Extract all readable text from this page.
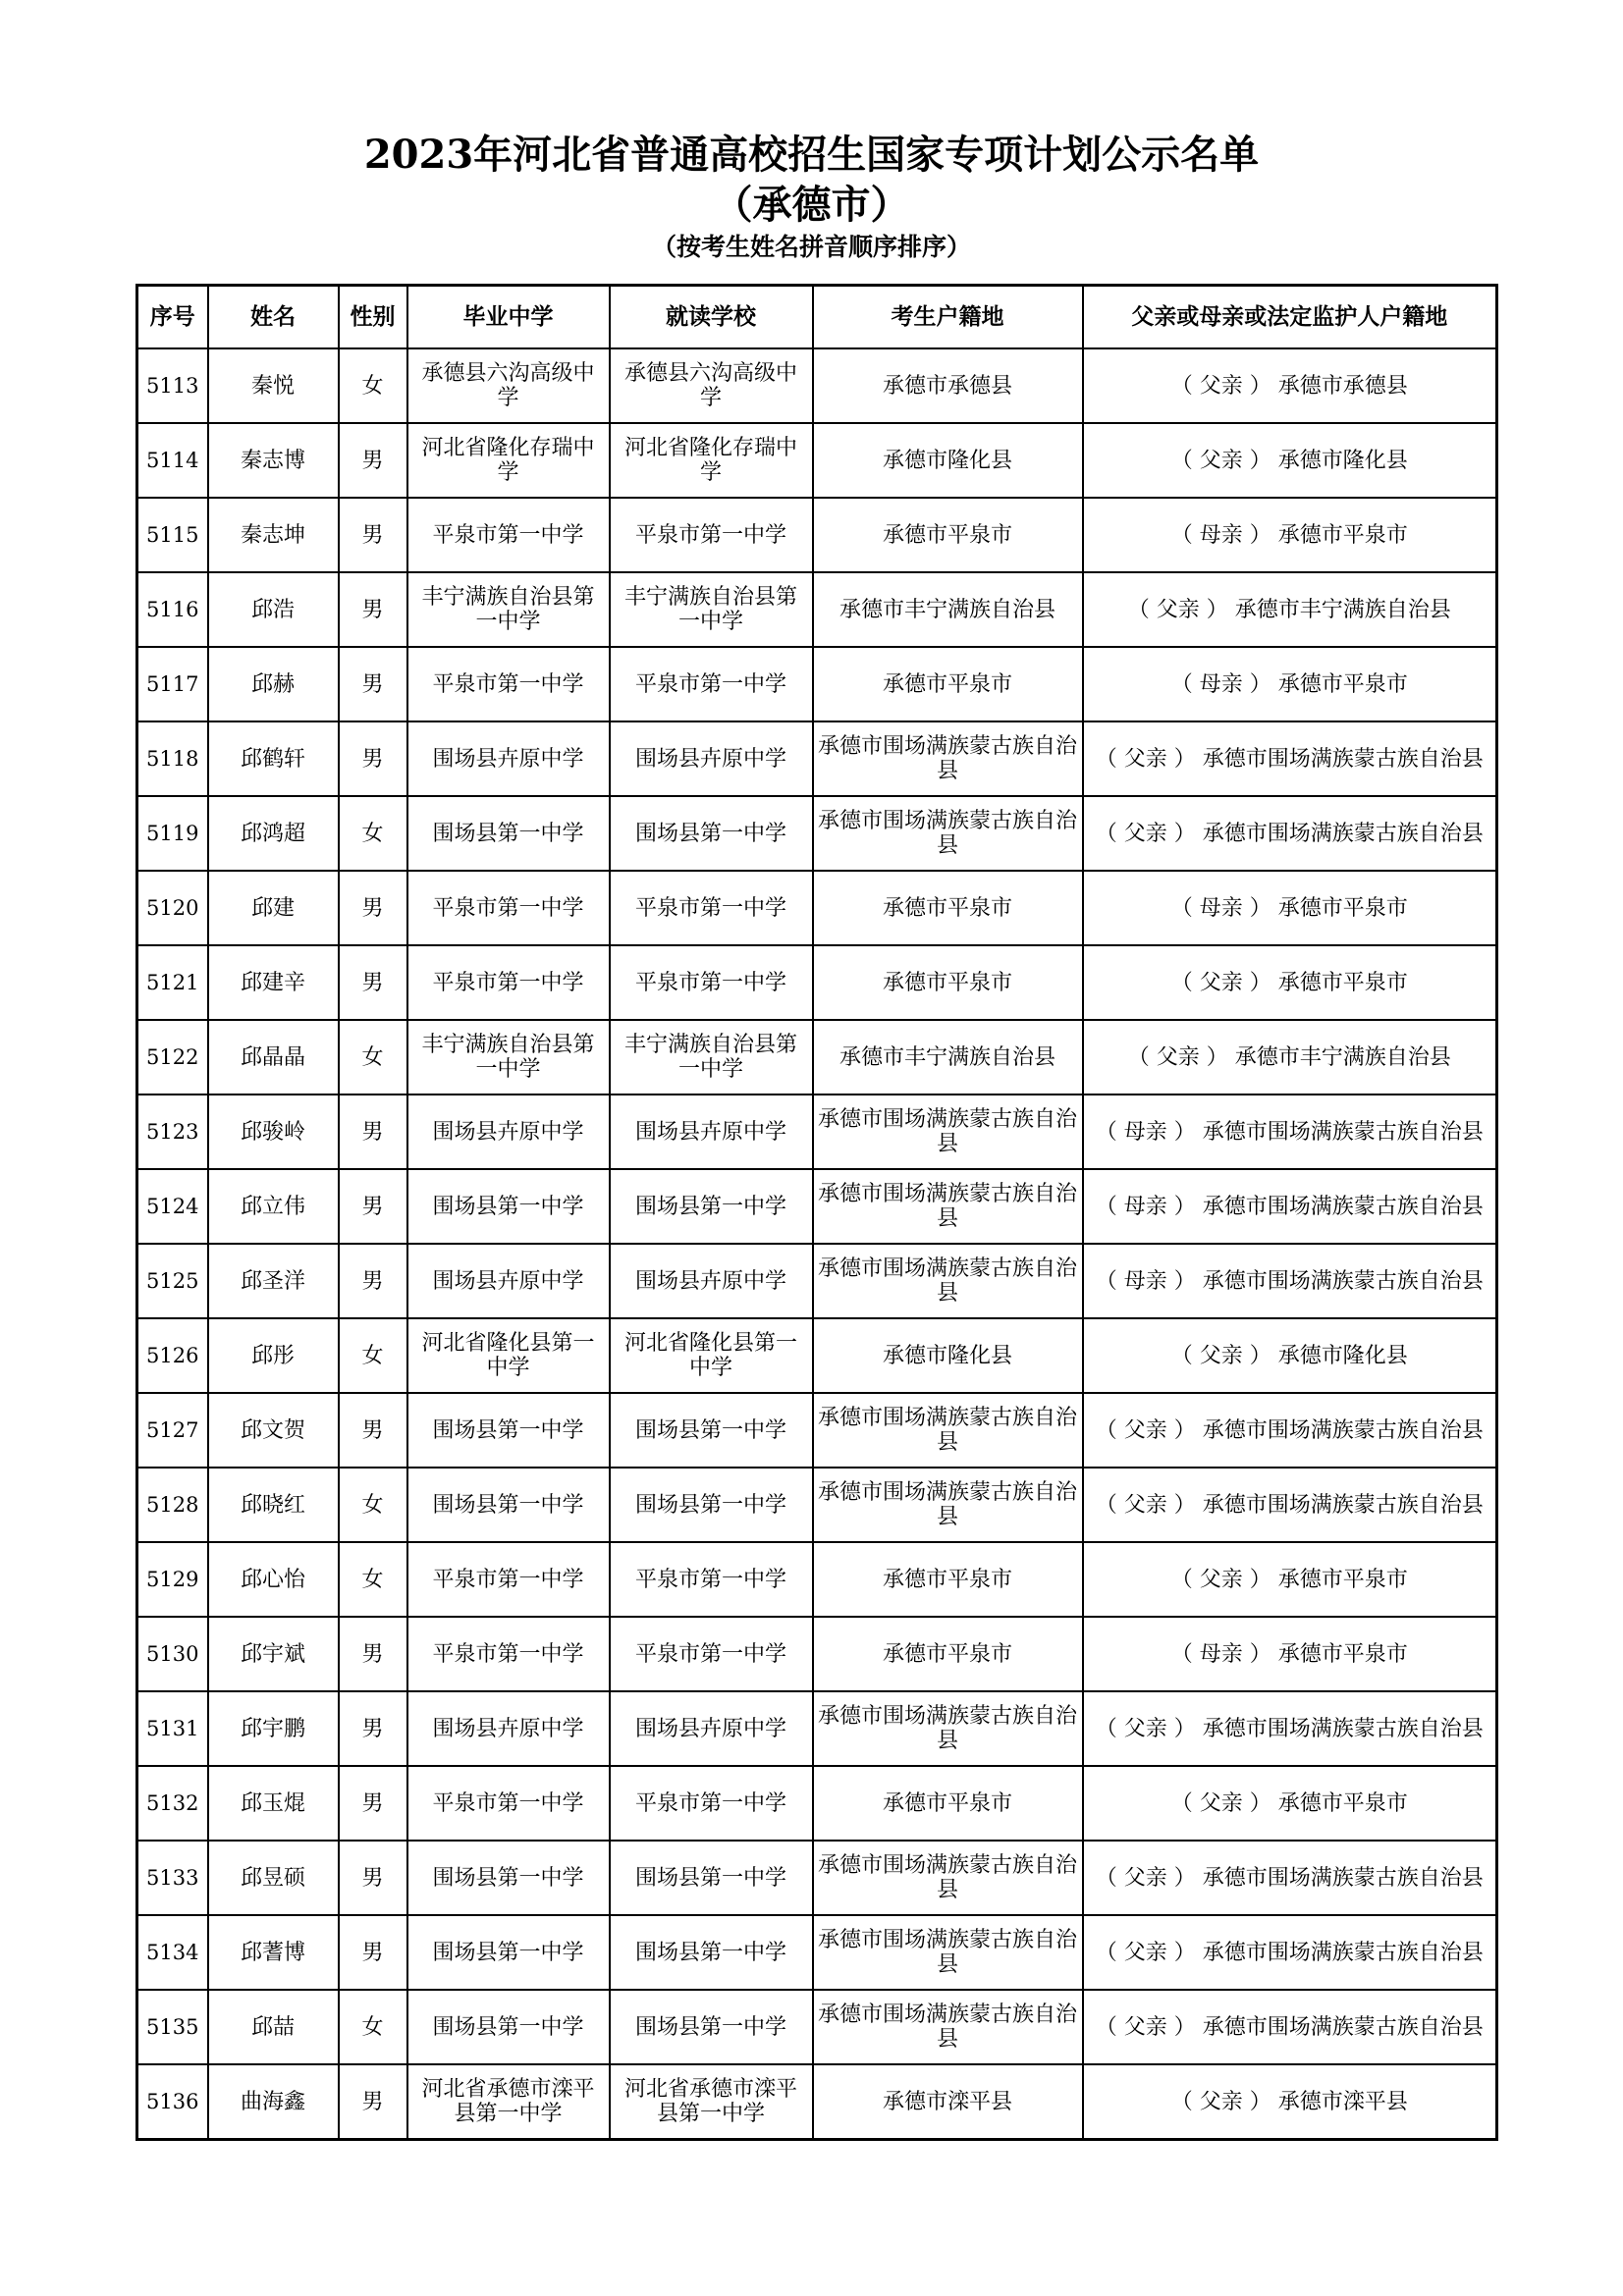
2023年河北省普通高校招生国家专项计划公示名单
（承德市）
（按考生姓名拼音顺序排序）
序号	姓名	性别	毕业中学	就读学校	考生户籍地	父亲或母亲或法定监护人户籍地
5113	秦悦	女	承德县六沟高级中学	承德县六沟高级中学	承德市承德县	（ 父亲 ） 承德市承德县
5114	秦志博	男	河北省隆化存瑞中学	河北省隆化存瑞中学	承德市隆化县	（ 父亲 ） 承德市隆化县
5115	秦志坤	男	平泉市第一中学	平泉市第一中学	承德市平泉市	（ 母亲 ） 承德市平泉市
5116	邱浩	男	丰宁满族自治县第一中学	丰宁满族自治县第一中学	承德市丰宁满族自治县	（ 父亲 ） 承德市丰宁满族自治县
5117	邱赫	男	平泉市第一中学	平泉市第一中学	承德市平泉市	（ 母亲 ） 承德市平泉市
5118	邱鹤轩	男	围场县卉原中学	围场县卉原中学	承德市围场满族蒙古族自治县	（ 父亲 ） 承德市围场满族蒙古族自治县
5119	邱鸿超	女	围场县第一中学	围场县第一中学	承德市围场满族蒙古族自治县	（ 父亲 ） 承德市围场满族蒙古族自治县
5120	邱建	男	平泉市第一中学	平泉市第一中学	承德市平泉市	（ 母亲 ） 承德市平泉市
5121	邱建辛	男	平泉市第一中学	平泉市第一中学	承德市平泉市	（ 父亲 ） 承德市平泉市
5122	邱晶晶	女	丰宁满族自治县第一中学	丰宁满族自治县第一中学	承德市丰宁满族自治县	（ 父亲 ） 承德市丰宁满族自治县
5123	邱骏岭	男	围场县卉原中学	围场县卉原中学	承德市围场满族蒙古族自治县	（ 母亲 ） 承德市围场满族蒙古族自治县
5124	邱立伟	男	围场县第一中学	围场县第一中学	承德市围场满族蒙古族自治县	（ 母亲 ） 承德市围场满族蒙古族自治县
5125	邱圣洋	男	围场县卉原中学	围场县卉原中学	承德市围场满族蒙古族自治县	（ 母亲 ） 承德市围场满族蒙古族自治县
5126	邱彤	女	河北省隆化县第一中学	河北省隆化县第一中学	承德市隆化县	（ 父亲 ） 承德市隆化县
5127	邱文贺	男	围场县第一中学	围场县第一中学	承德市围场满族蒙古族自治县	（ 父亲 ） 承德市围场满族蒙古族自治县
5128	邱晓红	女	围场县第一中学	围场县第一中学	承德市围场满族蒙古族自治县	（ 父亲 ） 承德市围场满族蒙古族自治县
5129	邱心怡	女	平泉市第一中学	平泉市第一中学	承德市平泉市	（ 父亲 ） 承德市平泉市
5130	邱宇斌	男	平泉市第一中学	平泉市第一中学	承德市平泉市	（ 母亲 ） 承德市平泉市
5131	邱宇鹏	男	围场县卉原中学	围场县卉原中学	承德市围场满族蒙古族自治县	（ 父亲 ） 承德市围场满族蒙古族自治县
5132	邱玉焜	男	平泉市第一中学	平泉市第一中学	承德市平泉市	（ 父亲 ） 承德市平泉市
5133	邱昱硕	男	围场县第一中学	围场县第一中学	承德市围场满族蒙古族自治县	（ 父亲 ） 承德市围场满族蒙古族自治县
5134	邱蓍博	男	围场县第一中学	围场县第一中学	承德市围场满族蒙古族自治县	（ 父亲 ） 承德市围场满族蒙古族自治县
5135	邱喆	女	围场县第一中学	围场县第一中学	承德市围场满族蒙古族自治县	（ 父亲 ） 承德市围场满族蒙古族自治县
5136	曲海鑫	男	河北省承德市滦平县第一中学	河北省承德市滦平县第一中学	承德市滦平县	（ 父亲 ） 承德市滦平县
